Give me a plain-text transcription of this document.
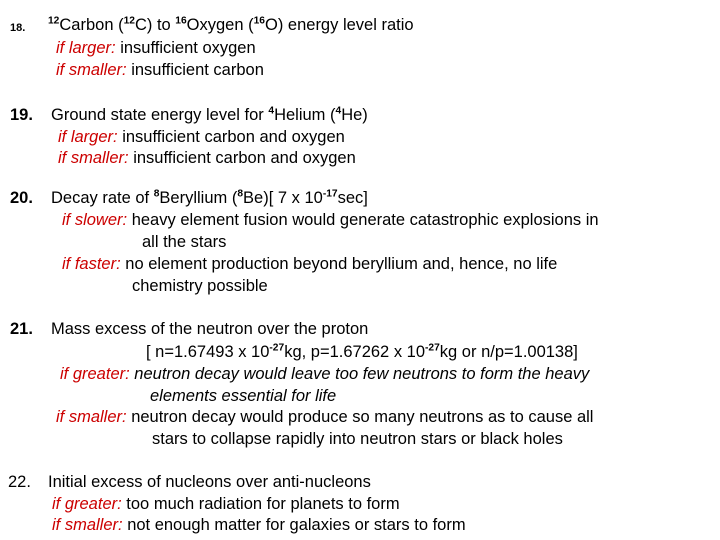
18.
$^{12}$Carbon ($^{12}$C) to $^{16}$Oxygen ($^{16}$O) energy level ratio
if larger: insufficient oxygen
if smaller: insufficient carbon
19. Ground state energy level for $^4$Helium ($^4$He)
if larger: insufficient carbon and oxygen
if smaller: insufficient carbon and oxygen
20. Decay rate of $^8$Beryllium ($^8$Be)[ 7 x $10^{-17}\sec$]
if slower: heavy element fusion would generate catastrophic explosions in
all the stars
if faster: no element production beyond beryllium and, hence, no life
chemistry possible
21. Mass excess of the neutron over the proton
[ n=1.67493 x $10^{-27}kg$, p=1.67262 x $10^{-27}kg$ or n/p=1.00138]
if greater: neutron decay would leave too few neutrons to form the heavy
elements essential for life
if smaller: neutron decay would produce so many neutrons as to cause all
stars to collapse rapidly into neutron stars or black holes
22. Initial excess of nucleons over anti-nucleons
if greater: too much radiation for planets to form
if smaller: not enough matter for galaxies or stars to form
